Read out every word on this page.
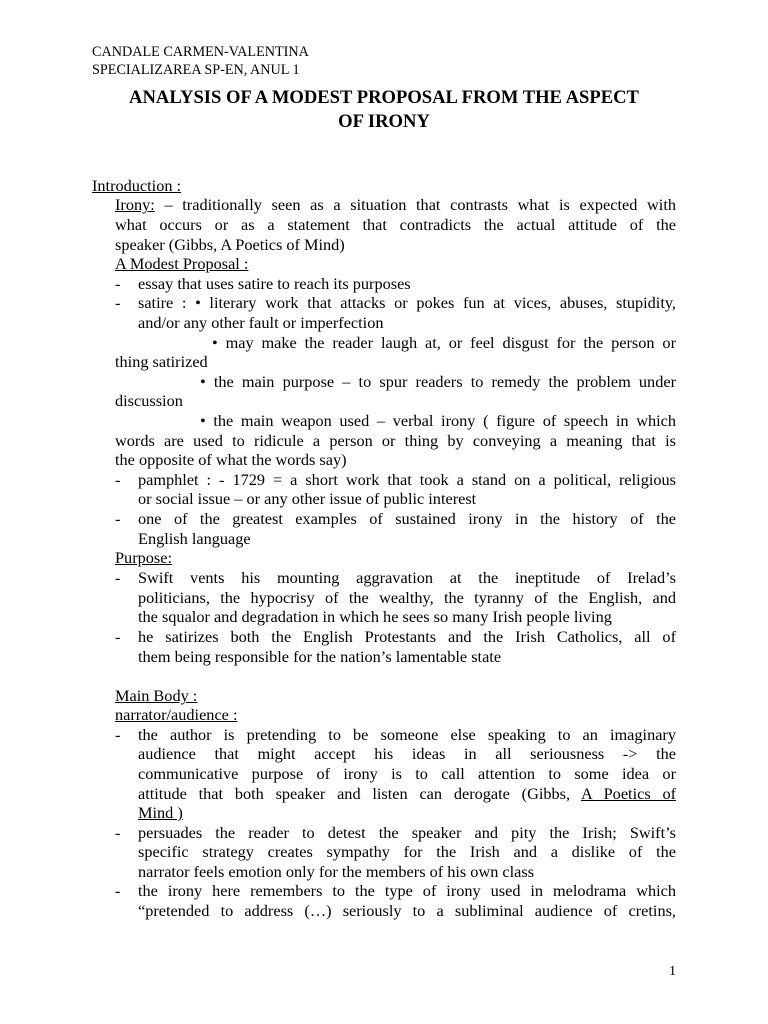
CANDALE CARMEN-VALENTINA
SPECIALIZAREA SP-EN, ANUL 1
ANALYSIS OF A MODEST PROPOSAL FROM THE ASPECT
OF IRONY
Introduction :
Irony: – traditionally seen as a situation that contrasts what is expected with
what occurs or as a statement that contradicts the actual attitude of the
speaker (Gibbs, A Poetics of Mind)
A Modest Proposal :
- essay that uses satire to reach its purposes
- satire : • literary work that attacks or pokes fun at vices, abuses, stupidity,
and/or any other fault or imperfection
• may make the reader laugh at, or feel disgust for the person or
thing satirized
• the main purpose – to spur readers to remedy the problem under
discussion
• the main weapon used – verbal irony ( figure of speech in which
words are used to ridicule a person or thing by conveying a meaning that is
the opposite of what the words say)
- pamphlet : - 1729 = a short work that took a stand on a political, religious
or social issue – or any other issue of public interest
- one of the greatest examples of sustained irony in the history of the
English language
Purpose:
- Swift vents his mounting aggravation at the ineptitude of Irelad’s
politicians, the hypocrisy of the wealthy, the tyranny of the English, and
the squalor and degradation in which he sees so many Irish people living
- he satirizes both the English Protestants and the Irish Catholics, all of
them being responsible for the nation’s lamentable state
Main Body :
narrator/audience :
- the author is pretending to be someone else speaking to an imaginary
audience that might accept his ideas in all seriousness -> the
communicative purpose of irony is to call attention to some idea or
attitude that both speaker and listen can derogate (Gibbs, A Poetics of
Mind )
- persuades the reader to detest the speaker and pity the Irish; Swift’s
specific strategy creates sympathy for the Irish and a dislike of the
narrator feels emotion only for the members of his own class
- the irony here remembers to the type of irony used in melodrama which
“pretended to address (…) seriously to a subliminal audience of cretins,
1
